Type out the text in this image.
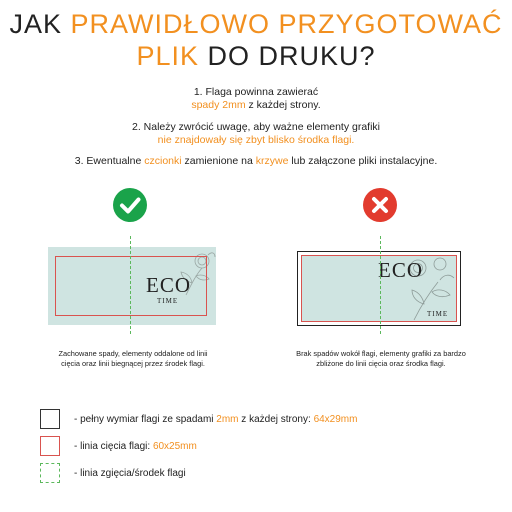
JAK PRAWIDŁOWO PRZYGOTOWAĆ
PLIK DO DRUKU?
1. Flaga powinna zawierać
spady 2mm z każdej strony.
2. Należy zwrócić uwagę, aby ważne elementy grafiki
nie znajdowały się zbyt blisko środka flagi.
3. Ewentualne czcionki zamienione na krzywe lub załączone pliki instalacyjne.
ECO
TIME
ECO
TIME
Zachowane spady, elementy oddalone od linii
cięcia oraz linii biegnącej przez środek flagi.
Brak spadów wokół flagi, elementy grafiki za bardzo
zbliżone do linii cięcia oraz środka flagi.
- pełny wymiar flagi ze spadami
2mm
z każdej strony:
64x29mm
- linia cięcia flagi:
60x25mm
- linia zgięcia/środek flagi
